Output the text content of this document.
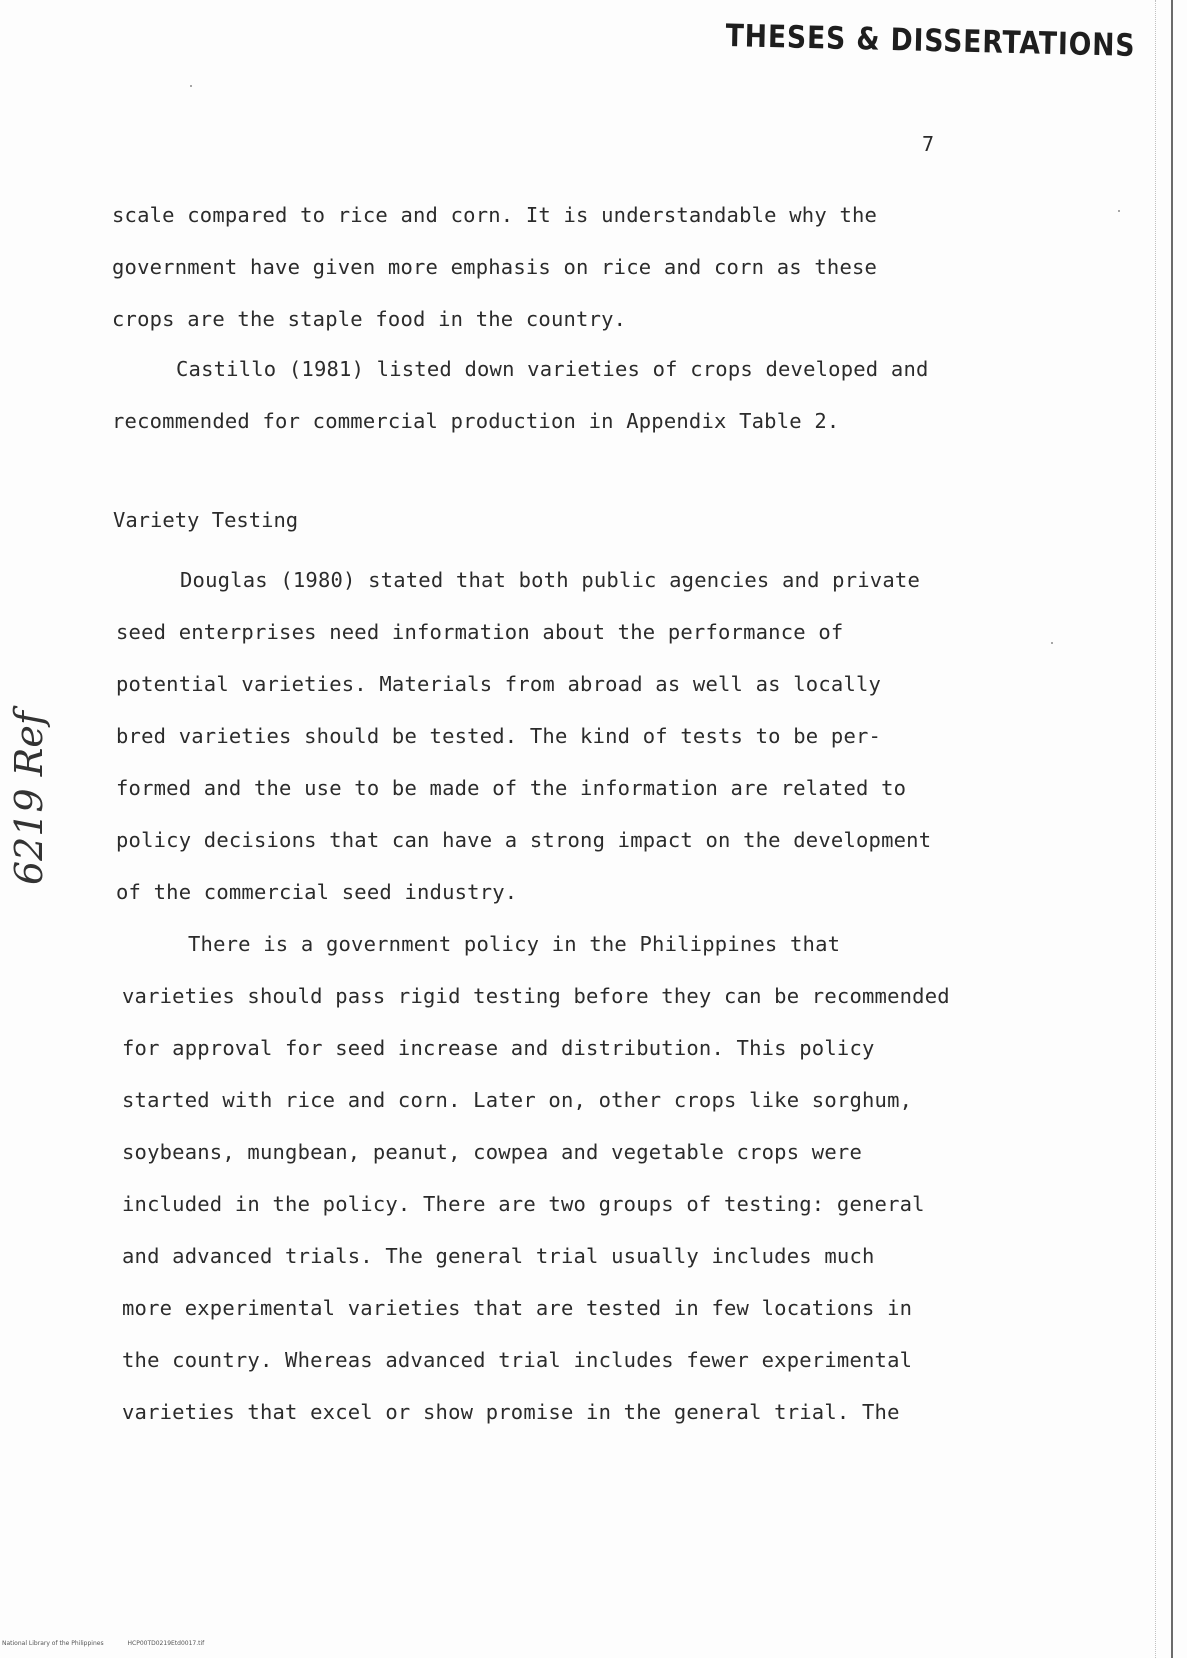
THESES & DISSERTATIONS
7
scale compared to rice and corn. It is understandable why the
government have given more emphasis on rice and corn as these
crops are the staple food in the country.
Castillo (1981) listed down varieties of crops developed and
recommended for commercial production in Appendix Table 2.
Variety Testing
Douglas (1980) stated that both public agencies and private
seed enterprises need information about the performance of
potential varieties. Materials from abroad as well as locally
bred varieties should be tested. The kind of tests to be per-
formed and the use to be made of the information are related to
policy decisions that can have a strong impact on the development
of the commercial seed industry.
There is a government policy in the Philippines that
varieties should pass rigid testing before they can be recommended
for approval for seed increase and distribution. This policy
started with rice and corn. Later on, other crops like sorghum,
soybeans, mungbean, peanut, cowpea and vegetable crops were
included in the policy. There are two groups of testing: general
and advanced trials. The general trial usually includes much
more experimental varieties that are tested in few locations in
the country. Whereas advanced trial includes fewer experimental
varieties that excel or show promise in the general trial. The
6219 Ref
National Library of the Philippines	HCP00TD0219Etd0017.tif
